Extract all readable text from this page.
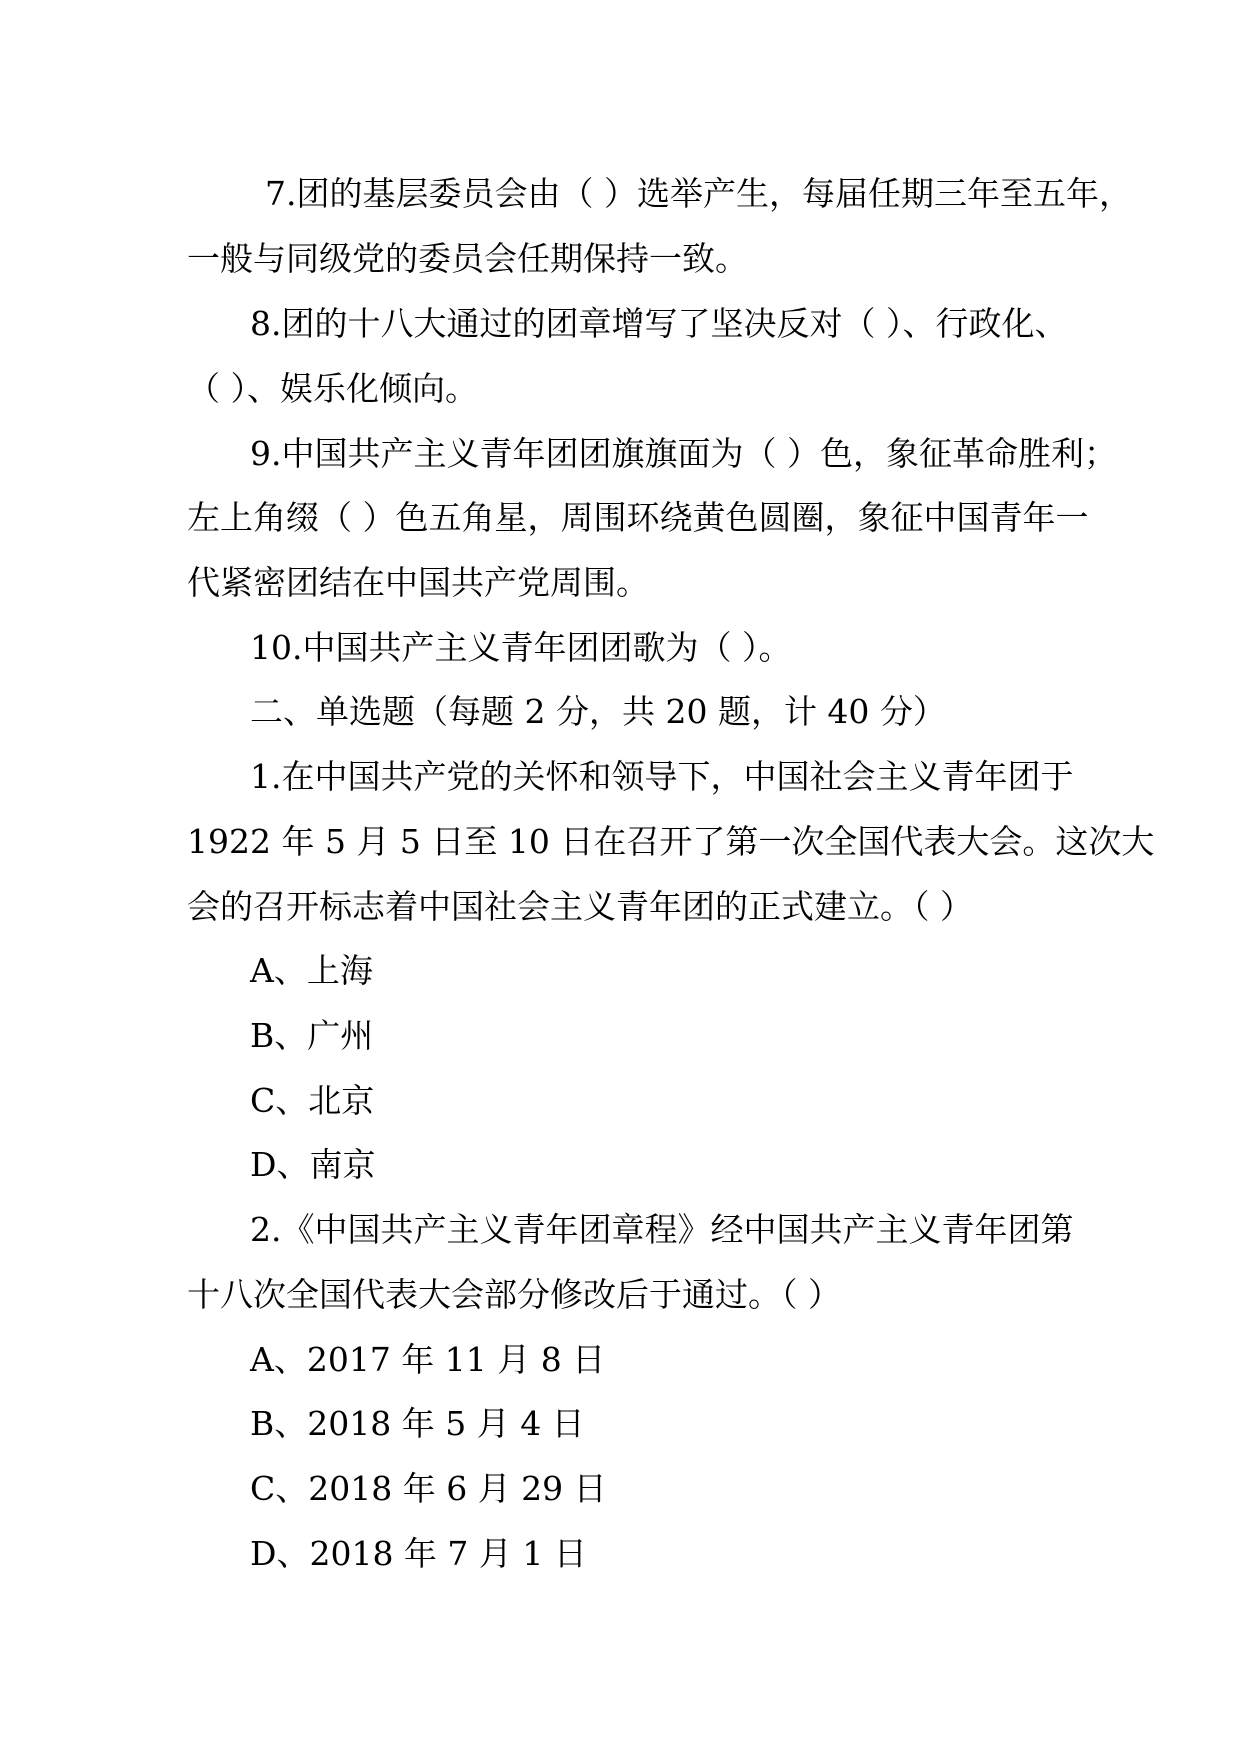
7.团的基层委员会由（ ）选举产生，每届任期三年至五年，
一般与同级党的委员会任期保持一致。
8.团的十八大通过的团章增写了坚决反对（ ）、行政化、
（ ）、娱乐化倾向。
9.中国共产主义青年团团旗旗面为（ ）色，象征革命胜利；
左上角缀（ ）色五角星，周围环绕黄色圆圈，象征中国青年一
代紧密团结在中国共产党周围。
10.中国共产主义青年团团歌为（ ）。
二、单选题（每题 2 分，共 20 题，计 40 分）
1.在中国共产党的关怀和领导下，中国社会主义青年团于
1922 年 5 月 5 日至 10 日在召开了第一次全国代表大会。这次大
会的召开标志着中国社会主义青年团的正式建立。（ ）
A、上海
B、广州
C、北京
D、南京
2.《中国共产主义青年团章程》经中国共产主义青年团第
十八次全国代表大会部分修改后于通过。（ ）
A、2017 年 11 月 8 日
B、2018 年 5 月 4 日
C、2018 年 6 月 29 日
D、2018 年 7 月 1 日
